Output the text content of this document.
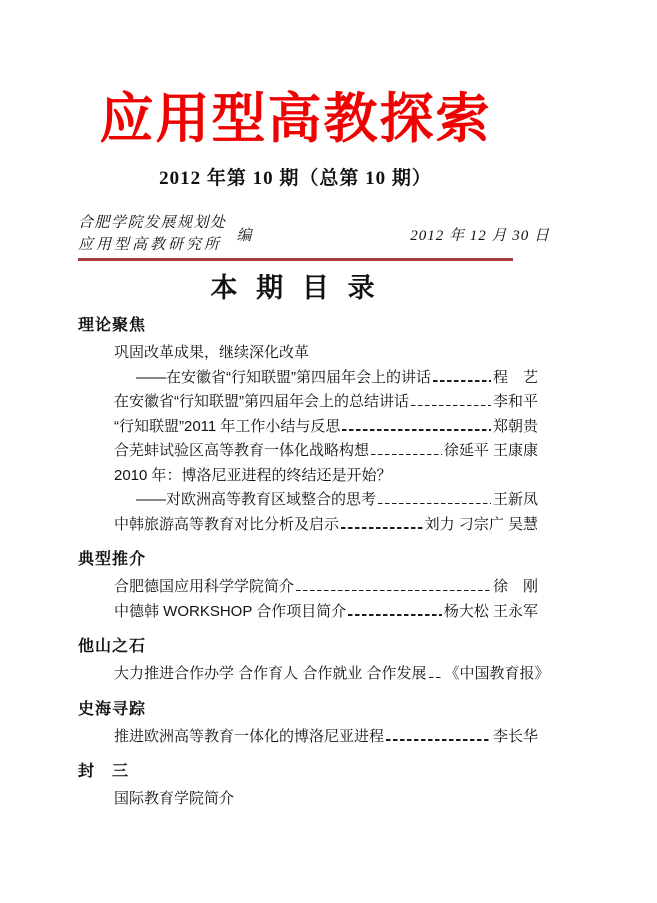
应用型高教探索
2012 年第 10 期（总第 10 期）
合肥学院发展规划处
应用型高教研究所
编	2012 年 12 月 30 日
本 期 目 录
理论聚焦
巩固改革成果，继续深化改革
——在安徽省“行知联盟”第四届年会上的讲话	程　艺
在安徽省“行知联盟”第四届年会上的总结讲话	李和平
“行知联盟”2011 年工作小结与反思	郑朝贵
合芜蚌试验区高等教育一体化战略构想	徐延平 王康康
2010 年：博洛尼亚进程的终结还是开始？
——对欧洲高等教育区域整合的思考	王新凤
中韩旅游高等教育对比分析及启示	刘力 刁宗广 吴慧
典型推介
合肥德国应用科学学院简介	徐　刚
中德韩 WORKSHOP 合作项目简介	杨大松 王永军
他山之石
大力推进合作办学 合作育人 合作就业 合作发展 《中国教育报》
史海寻踪
推进欧洲高等教育一体化的博洛尼亚进程	李长华
封　三
国际教育学院简介
